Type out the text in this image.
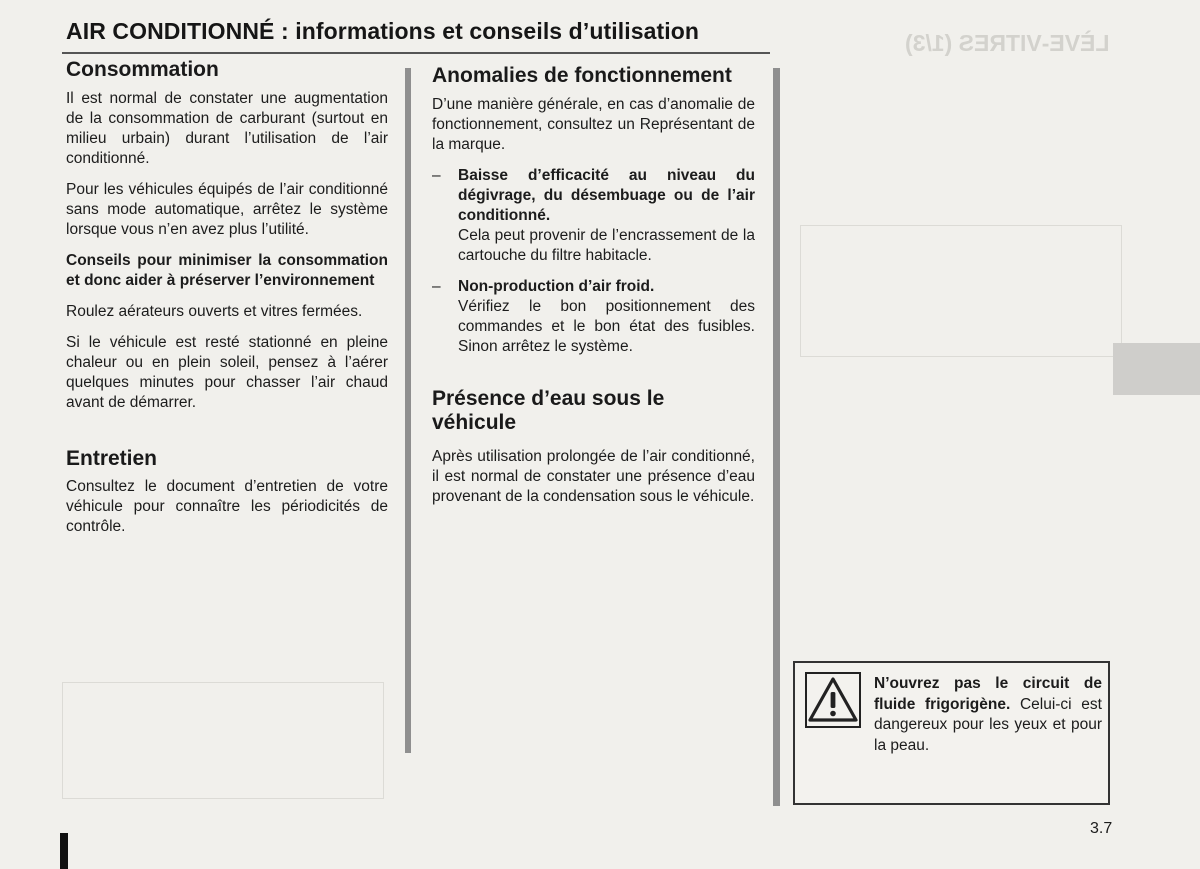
LÈVE-VITRES (1/3)
AIR CONDITIONNÉ : informations et conseils d’utilisation
Consommation

Il est normal de constater une augmentation de la consommation de carburant (surtout en milieu urbain) durant l’utilisation de l’air conditionné.

Pour les véhicules équipés de l’air conditionné sans mode automatique, arrêtez le système lorsque vous n’en avez plus l’utilité.

Conseils pour minimiser la consommation et donc aider à préserver l’environnement

Roulez aérateurs ouverts et vitres fermées.

Si le véhicule est resté stationné en pleine chaleur ou en plein soleil, pensez à l’aérer quelques minutes pour chasser l’air chaud avant de démarrer.

Entretien

Consultez le document d’entretien de votre véhicule pour connaître les périodicités de contrôle.

Anomalies de fonctionnement

D’une manière générale, en cas d’anomalie de fonctionnement, consultez un Représentant de la marque.

–	Baisse d’efficacité au niveau du dégivrage, du désembuage ou de l’air conditionné.
Cela peut provenir de l’encrassement de la cartouche du filtre habitacle.
–	Non-production d’air froid.
Vérifiez le bon positionnement des commandes et le bon état des fusibles. Sinon arrêtez le système.
Présence d’eau sous le véhicule

Après utilisation prolongée de l’air conditionné, il est normal de constater une présence d’eau provenant de la condensation sous le véhicule.

N’ouvrez pas le circuit de fluide frigorigène. Celui-ci est dangereux pour les yeux et pour la peau.
3.7
